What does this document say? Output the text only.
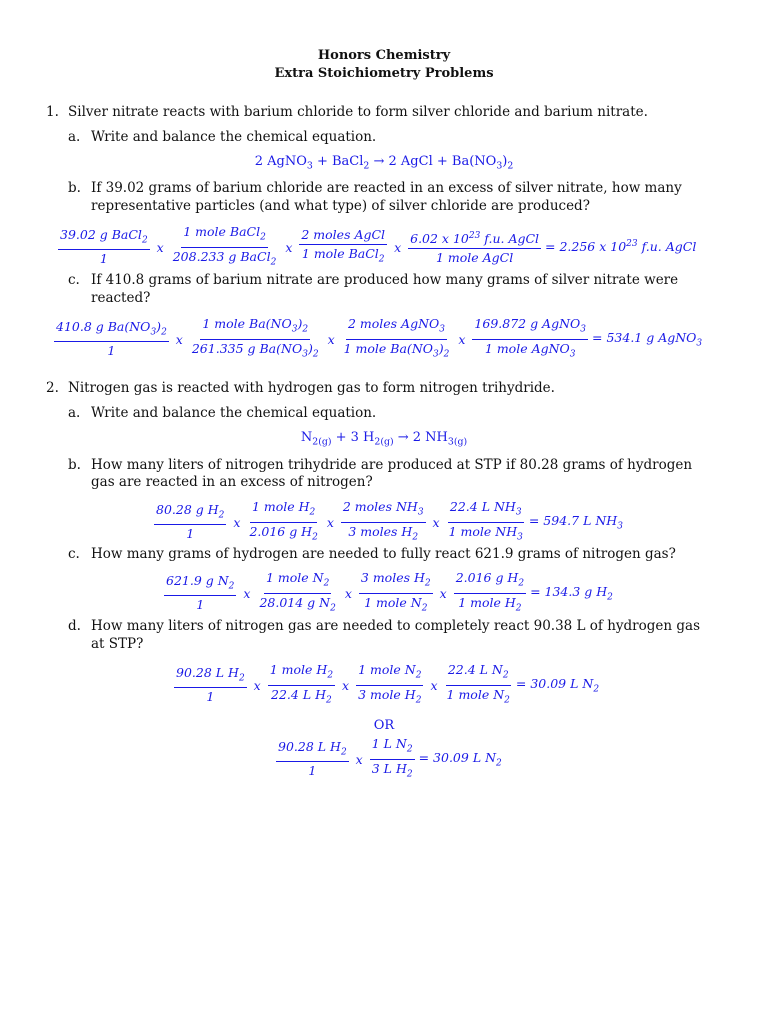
Honors Chemistry
Extra Stoichiometry Problems
1. Silver nitrate reacts with barium chloride to form silver chloride and barium nitrate.
a. Write and balance the chemical equation.
2 AgNO$_3$ + BaCl$_2$ → 2 AgCl + $Ba(NO_3)_2$
b. If 39.02 grams of barium chloride are reacted in an excess of silver nitrate, how many
representative particles (and what type) of silver chloride are produced?
$\frac{39.02 g BaCl_2}{1}$ x $\frac{1 mole BaCl_2}{208.233 g BaCl_2}$ x $\frac{\text{2 moles AgCl}}{1 mole BaCl_2}$ x $\frac{6.02 x 10^{23} f.u. AgCl}{\text{1 mole AgCl}} = 2.256$ x $10^{23}$ f.u. AgCl
c. If 410.8 grams of barium nitrate are produced how many grams of silver nitrate were
reacted?
$\frac{410.8 g Ba(NO_3)_2}{1}$ x $\frac{1 mole Ba(NO_3)_2}{261.335 g Ba(NO_3)_2}$ x $\frac{2 moles AgNO_3}{1 mole Ba(NO_3)_2}$ x $\frac{169.872 g AgNO_3}{1 mole AgNO_3} = 534.1$ g AgNO$_3$
2. Nitrogen gas is reacted with hydrogen gas to form nitrogen trihydride.
a. Write and balance the chemical equation.
$N_{2(g)} + 3$ $H_{2(g)} \to 2$ $NH_{3(g)}$
b. How many liters of nitrogen trihydride are produced at STP if 80.28 grams of hydrogen
gas are reacted in an excess of nitrogen?
$\frac{80.28 g H_2}{1}$ x $\frac{1 mole H_2}{2.016 g H_2}$ x $\frac{2 moles NH_3}{3 moles H_2}$ x $\frac{22.4 L NH_3}{1 mole NH_3} = 594.7$ L $NH_3$
c. How many grams of hydrogen are needed to fully react 621.9 grams of nitrogen gas?
$\frac{621.9 g N_2}{1}$ x $\frac{1 mole N_2}{28.014 g N_2}$ x $\frac{3 moles H_2}{1 mole N_2}$ x $\frac{2.016 g H_2}{1 mole H_2} = 134.3$ g $H_2$
d. How many liters of nitrogen gas are needed to completely react 90.38 L of hydrogen gas
at STP?
$\frac{90.28 L H_2}{1}$ x $\frac{1 mole H_2}{22.4 L H_2}$ x $\frac{1 mole N_2}{3 mole H_2}$ x $\frac{22.4 L N_2}{1 mole N_2} = 30.09$ L $N_2$
OR
$\frac{90.28 L H_2}{1}$ x $\frac{1 L N_2}{3 L H_2} = 30.09$ L $N_2$
